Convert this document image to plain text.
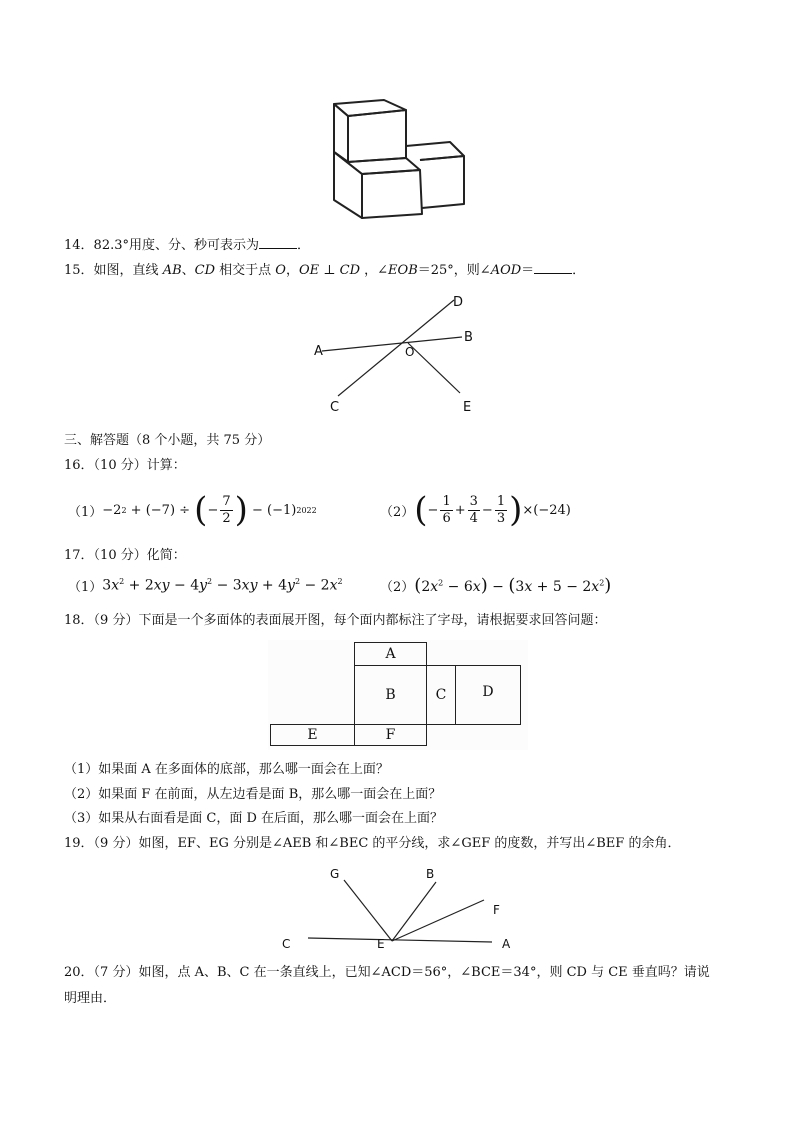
14．82.3°用度、分、秒可表示为	．
15．如图，直线 AB、CD 相交于点 O，OE ⊥ CD ，∠EOB＝25°，则∠AOD＝	．
A
B
C
D
E
O
三、解答题（8 个小题，共 75 分）
16．（10 分）计算：
（1） −2 2 + (−7) ÷ ( − $\frac{7}{2}$ ) − (−1) 2022	（2） ( − $\frac{1}{6} + \frac{3}{4} - \frac{1}{3}$ ) ×(−24)
17．（10 分）化简：
（1） $3x^2 + 2xy - 4y^2 - 3xy + 4y^2 - 2x^2$	（2） $(2x^2 - 6x) - (3x + 5 - 2x^2)$
18．（9 分）下面是一个多面体的表面展开图，每个面内都标注了字母，请根据要求回答问题：
A
B	C	D
E	F
（1）如果面 A 在多面体的底部，那么哪一面会在上面？
（2）如果面 F 在前面，从左边看是面 B，那么哪一面会在上面？
（3）如果从右面看是面 C，面 D 在后面，那么哪一面会在上面？
19．（9 分）如图，EF、EG 分别是∠AEB 和∠BEC 的平分线，求∠GEF 的度数，并写出∠BEF 的余角．
G	B
F
C	E	A
20．（7 分）如图，点 A、B、C 在一条直线上，已知∠ACD＝56°，∠BCE＝34°，则 CD 与 CE 垂直吗？请说
明理由．
